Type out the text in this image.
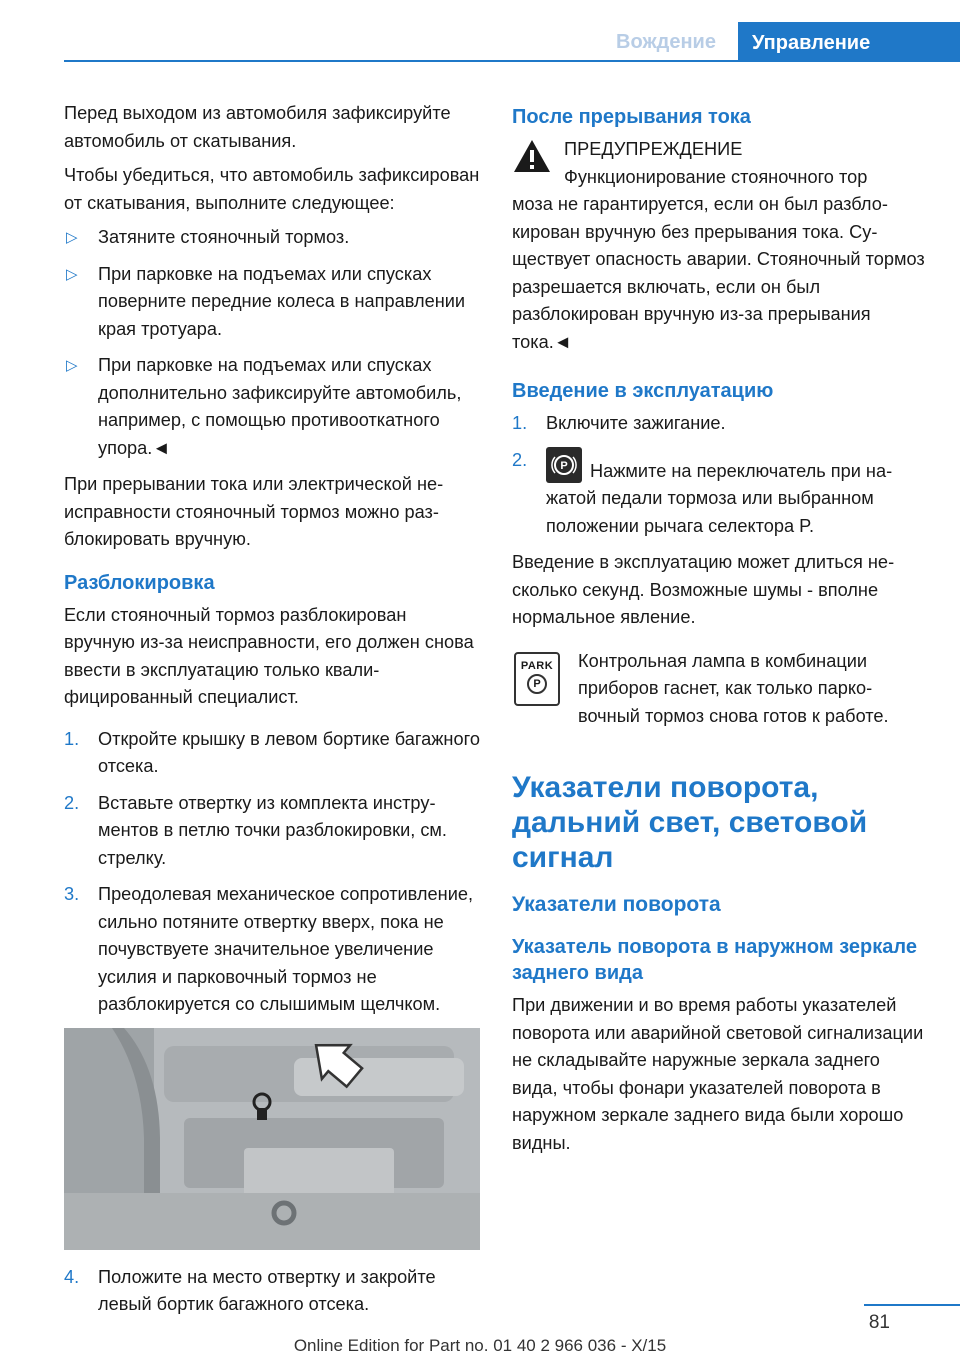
Вождение	Управление

Перед выходом из автомобиля зафиксируйте автомобиль от скатывания.

Чтобы убедиться, что автомобиль зафиксирован от скатывания, выполните следующее:

▷	Затяните стояночный тормоз.
▷	При парковке на подъемах или спусках поверните передние колеса в направлении края тротуара.
▷	При парковке на подъемах или спусках дополнительно зафиксируйте автомобиль, например, с помощью противооткатного упора.◄

При прерывании тока или электрической неисправности стояночный тормоз можно разблокировать вручную.

Разблокировка

Если стояночный тормоз разблокирован вручную из-за неисправности, его должен снова ввести в эксплуатацию только квалифицированный специалист.

1.	Откройте крышку в левом бортике багажного отсека.
2.	Вставьте отвертку из комплекта инструментов в петлю точки разблокировки, см. стрелку.
3.	Преодолевая механическое сопротивление, сильно потяните отвертку вверх, пока не почувствуете значительное увеличение усилия и парковочный тормоз не разблокируется со слышимым щелчком.
4.	Положите на место отвертку и закройте левый бортик багажного отсека.
После прерывания тока
ПРЕДУПРЕЖДЕНИЕ
Функционирование стояночного тор
моза не гарантируется, если он был разблокирован вручную без прерывания тока. Существует опасность аварии. Стояночный тормоз разрешается включать, если он был разблокирован вручную из-за прерывания тока.◄
Введение в эксплуатацию
1.	Включите зажигание.
2.	P Нажмите на переключатель при нажатой педали тормоза или выбранном положении рычага селектора P.

Введение в эксплуатацию может длиться несколько секунд. Возможные шумы - вполне нормальное явление.

PARK
P

Контрольная лампа в комбинации приборов гаснет, как только парковочный тормоз снова готов к работе.

Указатели поворота, дальний свет, световой сигнал
Указатели поворота
Указатель поворота в наружном зеркале заднего вида

При движении и во время работы указателей поворота или аварийной световой сигнализации не складывайте наружные зеркала заднего вида, чтобы фонари указателей поворота в наружном зеркале заднего вида были хорошо видны.

81
Online Edition for Part no. 01 40 2 966 036 - X/15
